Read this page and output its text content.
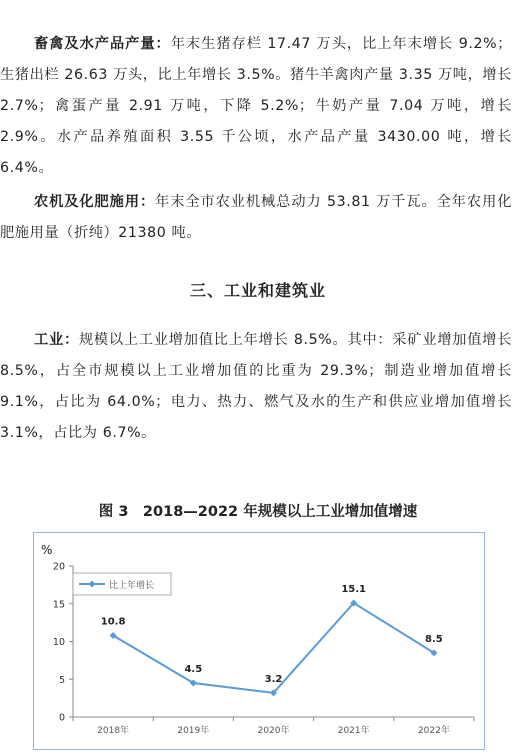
畜禽及水产品产量：年末生猪存栏 17.47 万头，比上年末增长 9.2%；生猪出栏 26.63 万头，比上年增长 3.5%。猪牛羊禽肉产量 3.35 万吨，增长 2.7%；禽蛋产量 2.91 万吨，下降 5.2%；牛奶产量 7.04 万吨，增长 2.9%。水产品养殖面积 3.55 千公顷，水产品产量 3430.00 吨，增长 6.4%。

农机及化肥施用：年末全市农业机械总动力 53.81 万千瓦。全年农用化肥施用量（折纯）21380 吨。

三、工业和建筑业

工业：规模以上工业增加值比上年增长 8.5%。其中：采矿业增加值增长 8.5%，占全市规模以上工业增加值的比重为 29.3%；制造业增加值增长 9.1%，占比为 64.0%；电力、热力、燃气及水的生产和供应业增加值增长 3.1%，占比为 6.7%。

图 3　2018—2022 年规模以上工业增加值增速
%
0
5
10
15
20
2018年	2019年	2020年	2021年	2022年
10.8
4.5
3.2
15.1
8.5
比上年增长
